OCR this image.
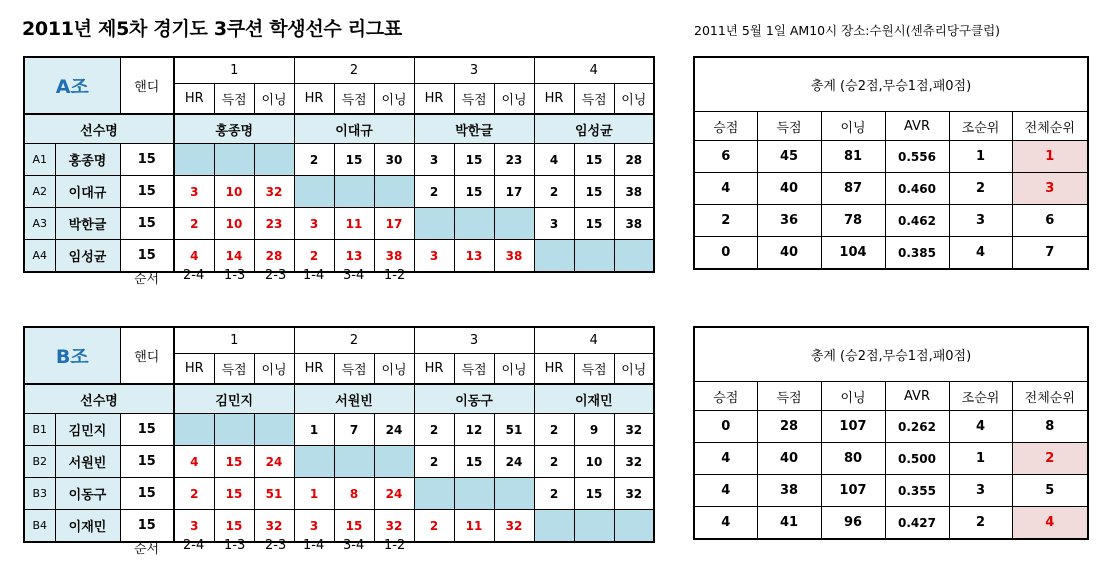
2011년 제5차 경기도 3쿠션 학생선수 리그표	2011년 5월 1일 AM10시 장소:수원시(센츄리당구클럽)
A조		핸디	1			2			3			4		
			HR	득점	이닝	HR	득점	이닝	HR	득점	이닝	HR	득점	이닝
선수명			홍종명			이대규			박한글			임성균		
A1	홍종명	15				2	15	30	3	15	23	4	15	28
A2	이대규	15	3	10	32				2	15	17	2	15	38
A3	박한글	15	2	10	23	3	11	17				3	15	38
A4	임성균	15	4	14	28	2	13	38	3	13	38			
순서 2-4 1-3 2-3 1-4 3-4 1-2
총계 (승2점,무승1점,패0점)					
승점	득점	이닝	AVR	조순위	전체순위
6	45	81	0.556	1	1
4	40	87	0.460	2	3
2	36	78	0.462	3	6
0	40	104	0.385	4	7
B조		핸디	1			2			3			4		
			HR	득점	이닝	HR	득점	이닝	HR	득점	이닝	HR	득점	이닝
선수명			김민지			서원빈			이동구			이재민		
B1	김민지	15				1	7	24	2	12	51	2	9	32
B2	서원빈	15	4	15	24				2	15	24	2	10	32
B3	이동구	15	2	15	51	1	8	24				2	15	32
B4	이재민	15	3	15	32	3	15	32	2	11	32			
순서 2-4 1-3 2-3 1-4 3-4 1-2
총계 (승2점,무승1점,패0점)					
승점	득점	이닝	AVR	조순위	전체순위
0	28	107	0.262	4	8
4	40	80	0.500	1	2
4	38	107	0.355	3	5
4	41	96	0.427	2	4
